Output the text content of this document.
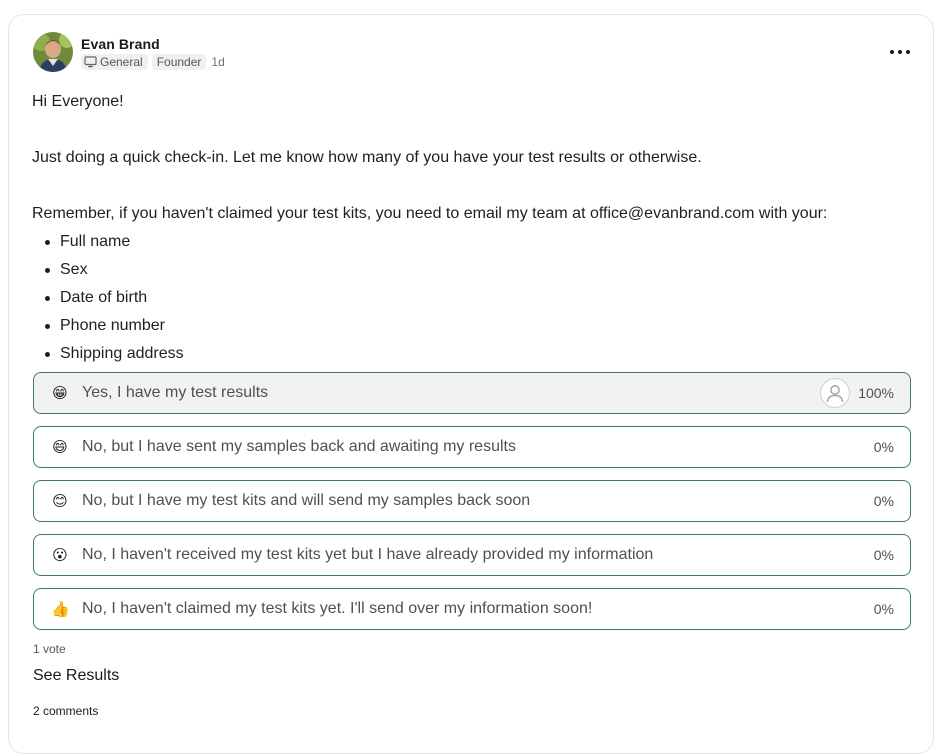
Evan Brand
General	Founder 1d

Hi Everyone!

Just doing a quick check-in. Let me know how many of you have your test results or otherwise.

Remember, if you haven't claimed your test kits, you need to email my team at office@evanbrand.com with your:

Full name
Sex
Date of birth
Phone number
Shipping address
😁 Yes, I have my test results	100%
😄 No, but I have sent my samples back and awaiting my results	0%
😊 No, but I have my test kits and will send my samples back soon	0%
😮 No, I haven't received my test kits yet but I have already provided my information	0%
👍 No, I haven't claimed my test kits yet. I'll send over my information soon!	0%
1 vote
See Results
2 comments
